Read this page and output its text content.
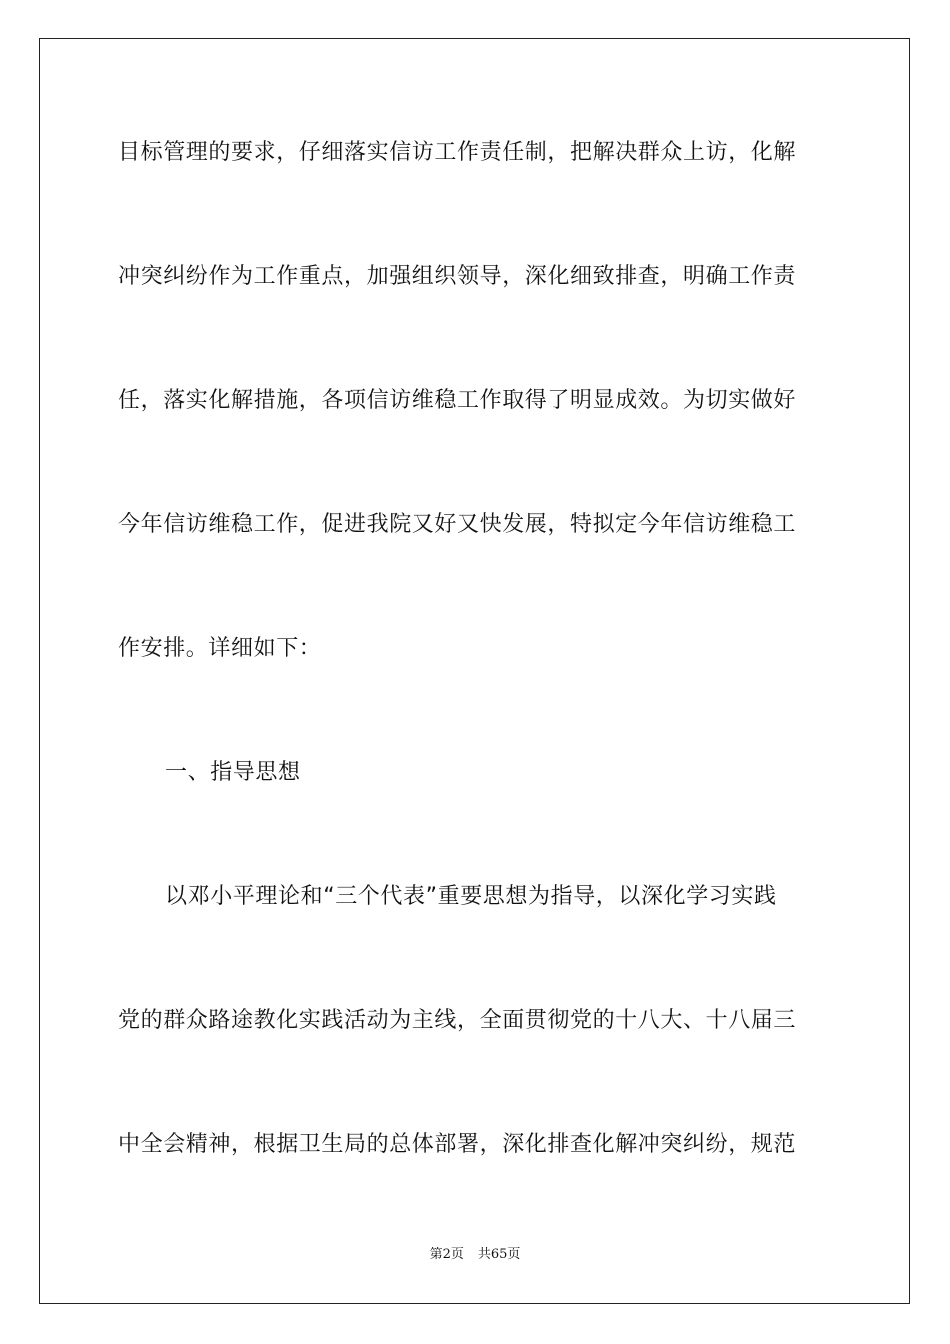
目标管理的要求，仔细落实信访工作责任制，把解决群众上访，化解
冲突纠纷作为工作重点，加强组织领导，深化细致排查，明确工作责
任，落实化解措施，各项信访维稳工作取得了明显成效。为切实做好
今年信访维稳工作，促进我院又好又快发展，特拟定今年信访维稳工
作安排。详细如下：
一、指导思想
以邓小平理论和“三个代表”重要思想为指导，以深化学习实践
党的群众路途教化实践活动为主线，全面贯彻党的十八大、十八届三
中全会精神，根据卫生局的总体部署，深化排查化解冲突纠纷，规范
第2页 共65页
